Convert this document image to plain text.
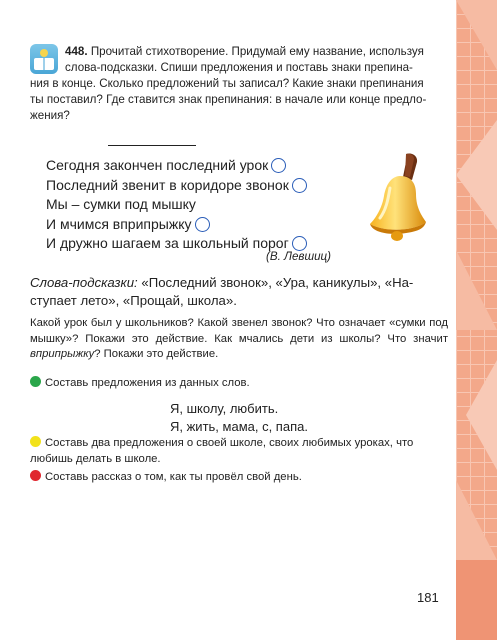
448. Прочитай стихотворение. Придумай ему название, используя
слова-подсказки. Спиши предложения и поставь знаки препина-
ния в конце. Сколько предложений ты записал? Какие знаки препинания
ты поставил? Где ставится знак препинания: в начале или конце предло-
жения?
Сегодня закончен последний урок
Последний звенит в коридоре звонок
Мы – сумки под мышку
И мчимся вприпрыжку
И дружно шагаем за школьный порог
(В. Левшиц)
Слова-подсказки: «Последний звонок», «Ура, каникулы», «На-
ступает лето», «Прощай, школа».
Какой урок был у школьников? Какой звенел звонок? Что означает «сумки под мышку»? Покажи это действие. Как мчались дети из школы? Что значит вприпрыжку? Покажи это действие.
Составь предложения из данных слов.
Я, школу, любить.
Я, жить, мама, с, папа.
Составь два предложения о своей школе, своих любимых уроках, что
любишь делать в школе.
Составь рассказ о том, как ты провёл свой день.
181
